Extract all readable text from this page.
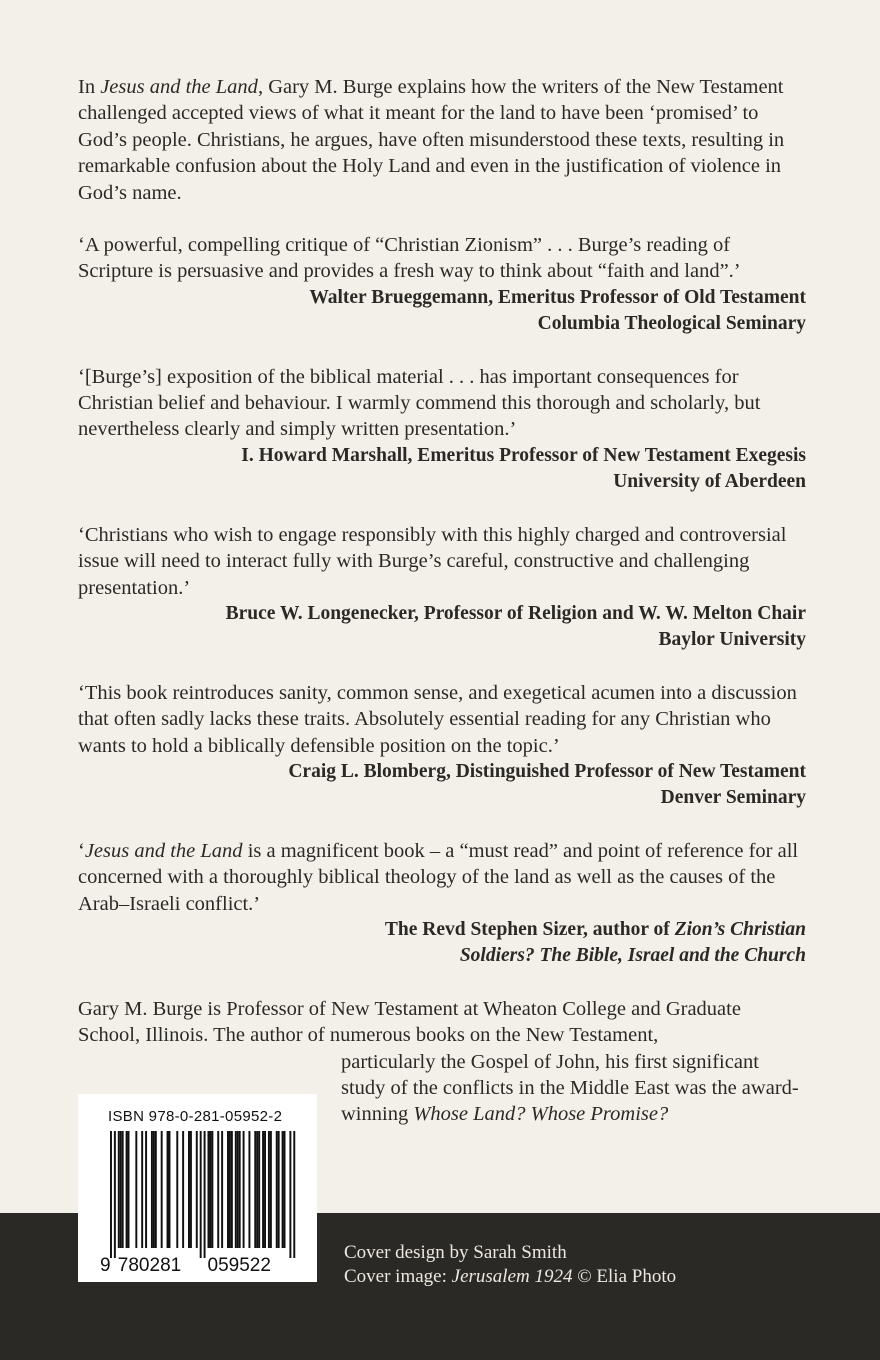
In Jesus and the Land, Gary M. Burge explains how the writers of the New Testament challenged accepted views of what it meant for the land to have been ‘promised’ to God’s people. Christians, he argues, have often misunderstood these texts, resulting in remarkable confusion about the Holy Land and even in the justification of violence in God’s name.

‘A powerful, compelling critique of “Christian Zionism” . . . Burge’s reading of Scripture is persuasive and provides a fresh way to think about “faith and land”.’

Walter Brueggemann, Emeritus Professor of Old Testament

Columbia Theological Seminary

‘[Burge’s] exposition of the biblical material . . . has important consequences for Christian belief and behaviour. I warmly commend this thorough and scholarly, but nevertheless clearly and simply written presentation.’

I. Howard Marshall, Emeritus Professor of New Testament Exegesis

University of Aberdeen

‘Christians who wish to engage responsibly with this highly charged and controversial issue will need to interact fully with Burge’s careful, constructive and challenging presentation.’

Bruce W. Longenecker, Professor of Religion and W. W. Melton Chair

Baylor University

‘This book reintroduces sanity, common sense, and exegetical acumen into a discussion that often sadly lacks these traits. Absolutely essential reading for any Christian who wants to hold a biblically defensible position on the topic.’

Craig L. Blomberg, Distinguished Professor of New Testament

Denver Seminary

‘Jesus and the Land is a magnificent book – a “must read” and point of reference for all concerned with a thoroughly biblical theology of the land as well as the causes of the Arab–Israeli conflict.’

The Revd Stephen Sizer, author of Zion’s Christian

Soldiers? The Bible, Israel and the Church

Gary M. Burge is Professor of New Testament at Wheaton College and Graduate School, Illinois. The author of numerous books on the New Testament,

particularly the Gospel of John, his first significant study of the conflicts in the Middle East was the award-winning Whose Land? Whose Promise?

ISBN 978-0-281-05952-2
9 780281 059522

Cover design by Sarah Smith

Cover image: Jerusalem 1924 © Elia Photo
